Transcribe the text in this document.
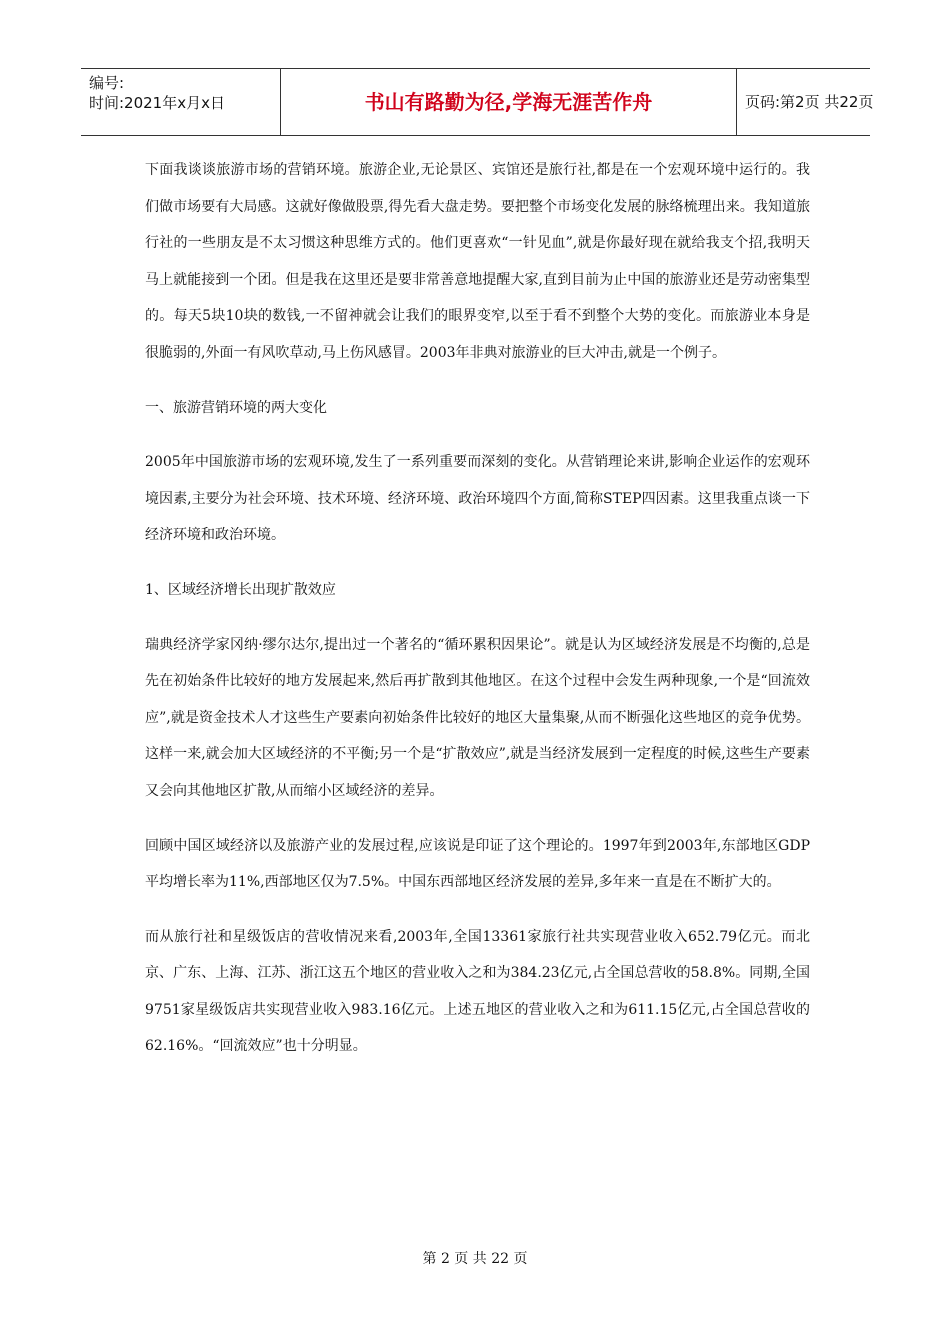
编号:
时间:2021年x月x日	书山有路勤为径,学海无涯苦作舟	页码:第2页 共22页

下面我谈谈旅游市场的营销环境。旅游企业,无论景区、宾馆还是旅行社,都是在一个宏观环境中运行的。我们做市场要有大局感。这就好像做股票,得先看大盘走势。要把整个市场变化发展的脉络梳理出来。我知道旅行社的一些朋友是不太习惯这种思维方式的。他们更喜欢“一针见血”,就是你最好现在就给我支个招,我明天马上就能接到一个团。但是我在这里还是要非常善意地提醒大家,直到目前为止中国的旅游业还是劳动密集型的。每天5块10块的数钱,一不留神就会让我们的眼界变窄,以至于看不到整个大势的变化。而旅游业本身是很脆弱的,外面一有风吹草动,马上伤风感冒。2003年非典对旅游业的巨大冲击,就是一个例子。

一、旅游营销环境的两大变化

2005年中国旅游市场的宏观环境,发生了一系列重要而深刻的变化。从营销理论来讲,影响企业运作的宏观环境因素,主要分为社会环境、技术环境、经济环境、政治环境四个方面,简称STEP四因素。这里我重点谈一下经济环境和政治环境。

1、区域经济增长出现扩散效应

瑞典经济学家冈纳·缪尔达尔,提出过一个著名的“循环累积因果论”。就是认为区域经济发展是不均衡的,总是先在初始条件比较好的地方发展起来,然后再扩散到其他地区。在这个过程中会发生两种现象,一个是“回流效应”,就是资金技术人才这些生产要素向初始条件比较好的地区大量集聚,从而不断强化这些地区的竞争优势。这样一来,就会加大区域经济的不平衡;另一个是“扩散效应”,就是当经济发展到一定程度的时候,这些生产要素又会向其他地区扩散,从而缩小区域经济的差异。

回顾中国区域经济以及旅游产业的发展过程,应该说是印证了这个理论的。1997年到2003年,东部地区GDP平均增长率为11%,西部地区仅为7.5%。中国东西部地区经济发展的差异,多年来一直是在不断扩大的。

而从旅行社和星级饭店的营收情况来看,2003年,全国13361家旅行社共实现营业收入652.79亿元。而北京、广东、上海、江苏、浙江这五个地区的营业收入之和为384.23亿元,占全国总营收的58.8%。同期,全国9751家星级饭店共实现营业收入983.16亿元。上述五地区的营业收入之和为611.15亿元,占全国总营收的62.16%。“回流效应”也十分明显。

第 2 页 共 22 页
